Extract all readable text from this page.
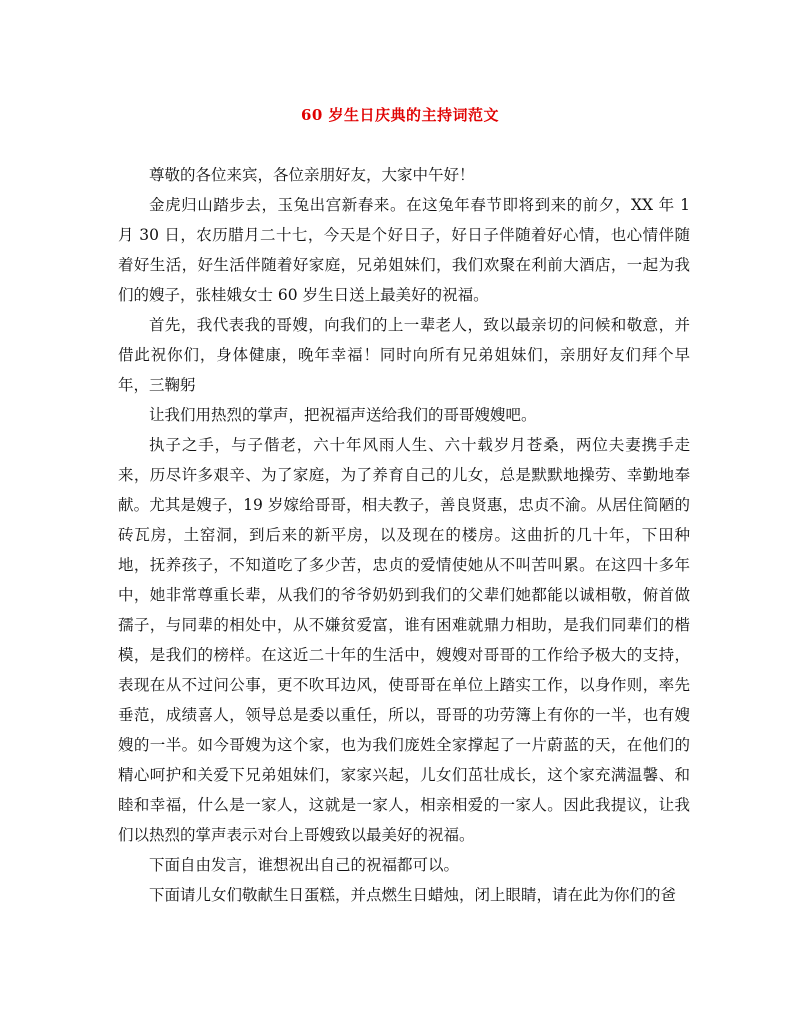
60 岁生日庆典的主持词范文

尊敬的各位来宾，各位亲朋好友，大家中午好！

金虎归山踏步去，玉兔出宫新春来。在这兔年春节即将到来的前夕，XX 年 1 月 30 日，农历腊月二十七，今天是个好日子，好日子伴随着好心情，也心情伴随着好生活，好生活伴随着好家庭，兄弟姐妹们，我们欢聚在利前大酒店，一起为我们的嫂子，张桂娥女士 60 岁生日送上最美好的祝福。

首先，我代表我的哥嫂，向我们的上一辈老人，致以最亲切的问候和敬意，并借此祝你们，身体健康，晚年幸福！同时向所有兄弟姐妹们，亲朋好友们拜个早年，三鞠躬

让我们用热烈的掌声，把祝福声送给我们的哥哥嫂嫂吧。

执子之手，与子偕老，六十年风雨人生、六十载岁月苍桑，两位夫妻携手走来，历尽许多艰辛、为了家庭，为了养育自己的儿女，总是默默地操劳、幸勤地奉献。尤其是嫂子，19 岁嫁给哥哥，相夫教子，善良贤惠，忠贞不渝。从居住简陋的砖瓦房，土窑洞，到后来的新平房，以及现在的楼房。这曲折的几十年，下田种地，抚养孩子，不知道吃了多少苦，忠贞的爱情使她从不叫苦叫累。在这四十多年中，她非常尊重长辈，从我们的爷爷奶奶到我们的父辈们她都能以诚相敬，俯首做孺子，与同辈的相处中，从不嫌贫爱富，谁有困难就鼎力相助，是我们同辈们的楷模，是我们的榜样。在这近二十年的生活中，嫂嫂对哥哥的工作给予极大的支持，表现在从不过问公事，更不吹耳边风，使哥哥在单位上踏实工作，以身作则，率先垂范，成绩喜人，领导总是委以重任，所以，哥哥的功劳簿上有你的一半，也有嫂嫂的一半。如今哥嫂为这个家，也为我们庞姓全家撑起了一片蔚蓝的天，在他们的精心呵护和关爱下兄弟姐妹们，家家兴起，儿女们茁壮成长，这个家充满温馨、和睦和幸福，什么是一家人，这就是一家人，相亲相爱的一家人。因此我提议，让我们以热烈的掌声表示对台上哥嫂致以最美好的祝福。

下面自由发言，谁想祝出自己的祝福都可以。

下面请儿女们敬献生日蛋糕，并点燃生日蜡烛，闭上眼睛，请在此为你们的爸
